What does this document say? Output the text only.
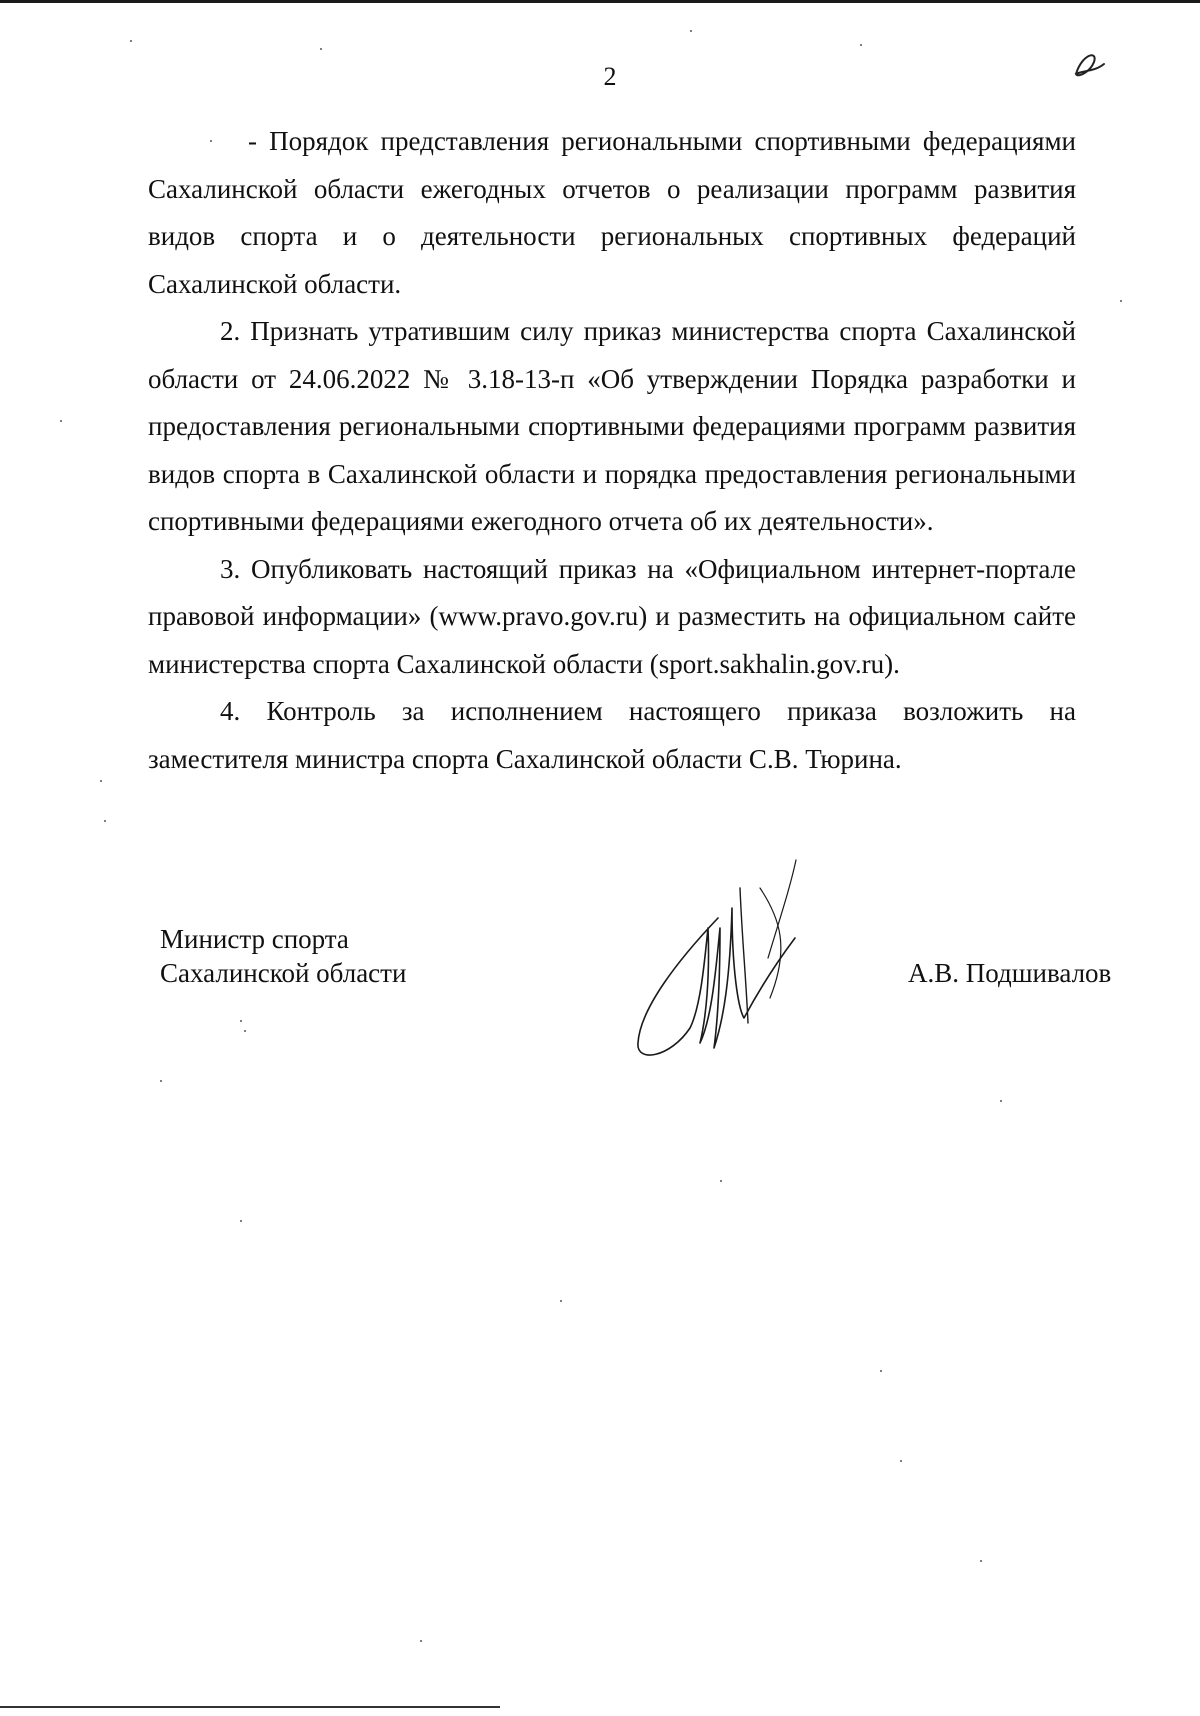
2

- Порядок представления региональными спортивными федерациями Сахалинской области ежегодных отчетов о реализации программ развития видов спорта и о деятельности региональных спортивных федераций Сахалинской области.

2. Признать утратившим силу приказ министерства спорта Сахалинской области от 24.06.2022 № 3.18-13-п «Об утверждении Порядка разработки и предоставления региональными спортивными федерациями программ развития видов спорта в Сахалинской области и порядка предоставления региональными спортивными федерациями ежегодного отчета об их деятельности».

3. Опубликовать настоящий приказ на «Официальном интернет-портале правовой информации» (www.pravo.gov.ru) и разместить на официальном сайте министерства спорта Сахалинской области (sport.sakhalin.gov.ru).

4. Контроль за исполнением настоящего приказа возложить на заместителя министра спорта Сахалинской области С.В. Тюрина.

Министр спорта
Сахалинской области	А.В. Подшивалов
